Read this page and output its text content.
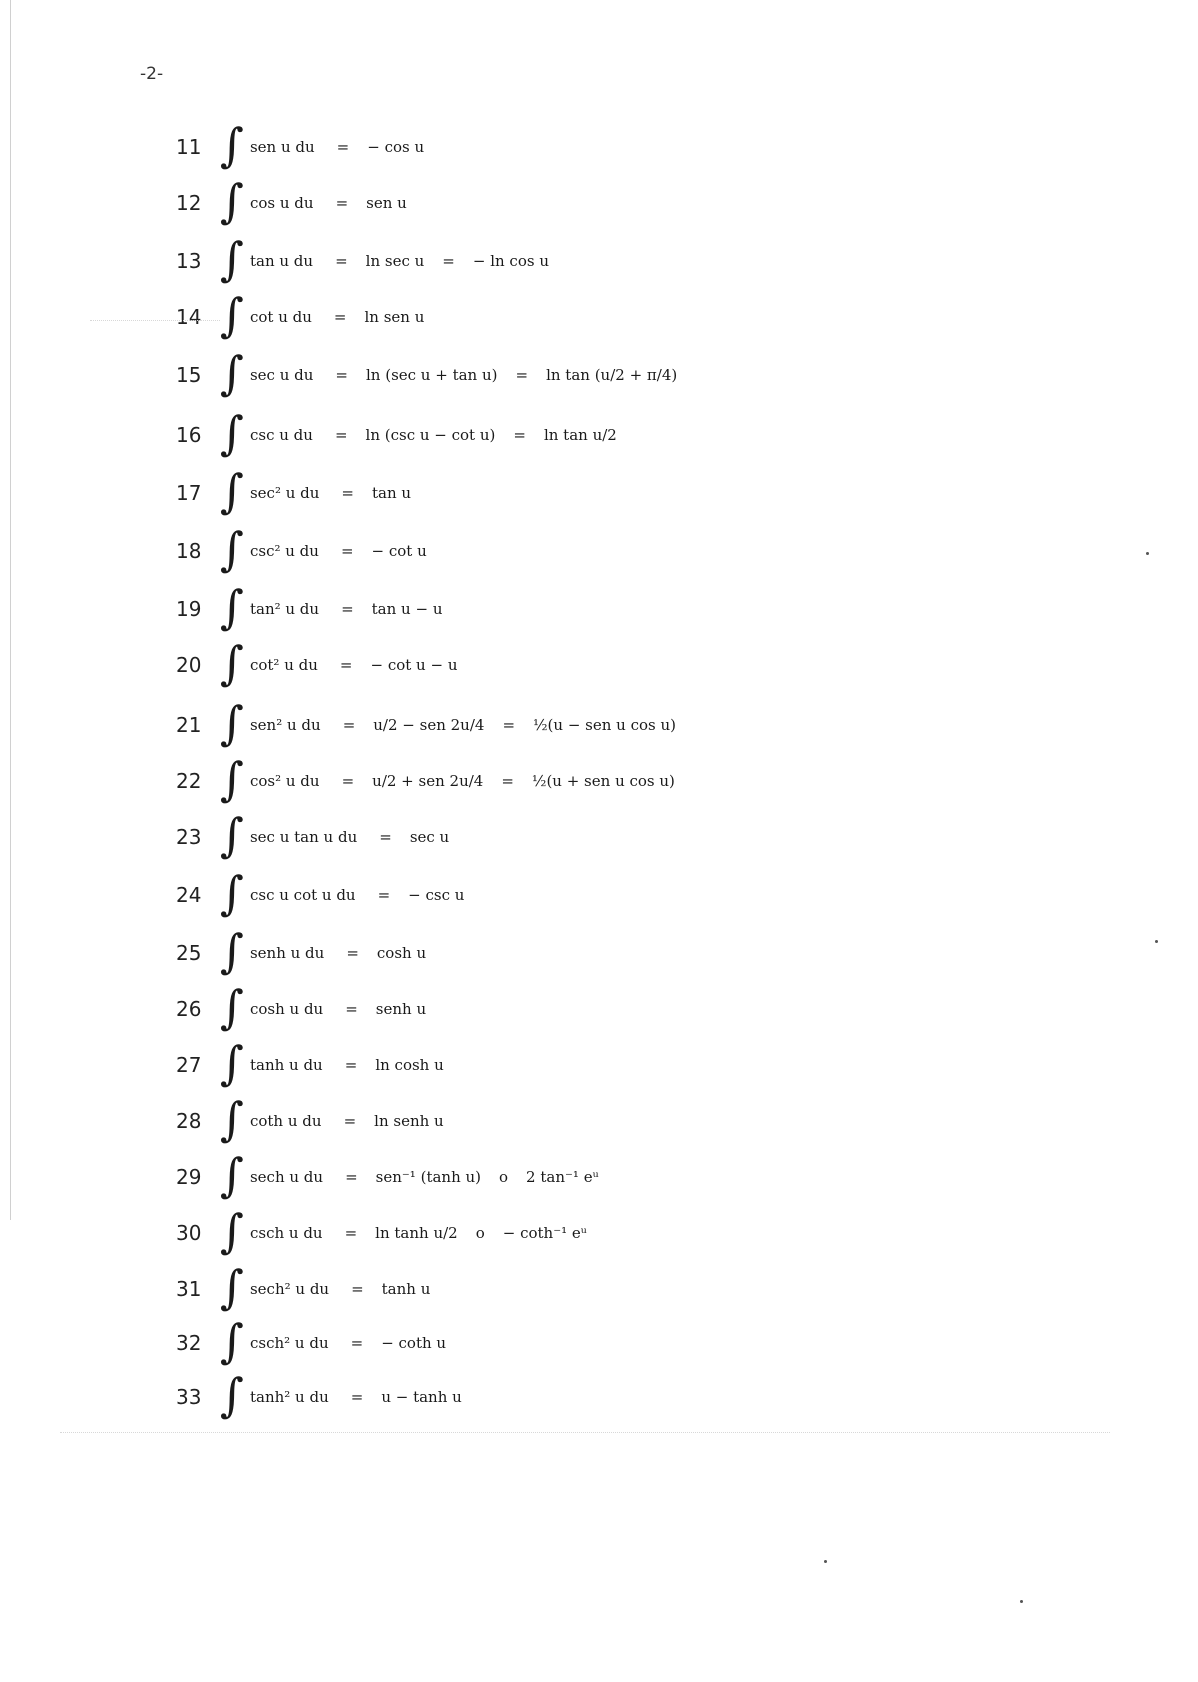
-2-
11 ∫ sen u du = − cos u
12 ∫ cos u du = sen u
13 ∫ tan u du = ln sec u = − ln cos u
14 ∫ cot u du = ln sen u
15 ∫ sec u du = ln (sec u + tan u) = ln tan (u/2 + π/4)
16 ∫ csc u du = ln (csc u − cot u) = ln tan u/2
17 ∫ sec² u du = tan u
18 ∫ csc² u du = − cot u
19 ∫ tan² u du = tan u − u
20 ∫ cot² u du = − cot u − u
21 ∫ sen² u du = u/2 − sen 2u/4 = ½(u − sen u cos u)
22 ∫ cos² u du = u/2 + sen 2u/4 = ½(u + sen u cos u)
23 ∫ sec u tan u du = sec u
24 ∫ csc u cot u du = − csc u
25 ∫ senh u du = cosh u
26 ∫ cosh u du = senh u
27 ∫ tanh u du = ln cosh u
28 ∫ coth u du = ln senh u
29 ∫ sech u du = sen⁻¹ (tanh u) o 2 tan⁻¹ eᵘ
30 ∫ csch u du = ln tanh u/2 o − coth⁻¹ eᵘ
31 ∫ sech² u du = tanh u
32 ∫ csch² u du = − coth u
33 ∫ tanh² u du = u − tanh u
